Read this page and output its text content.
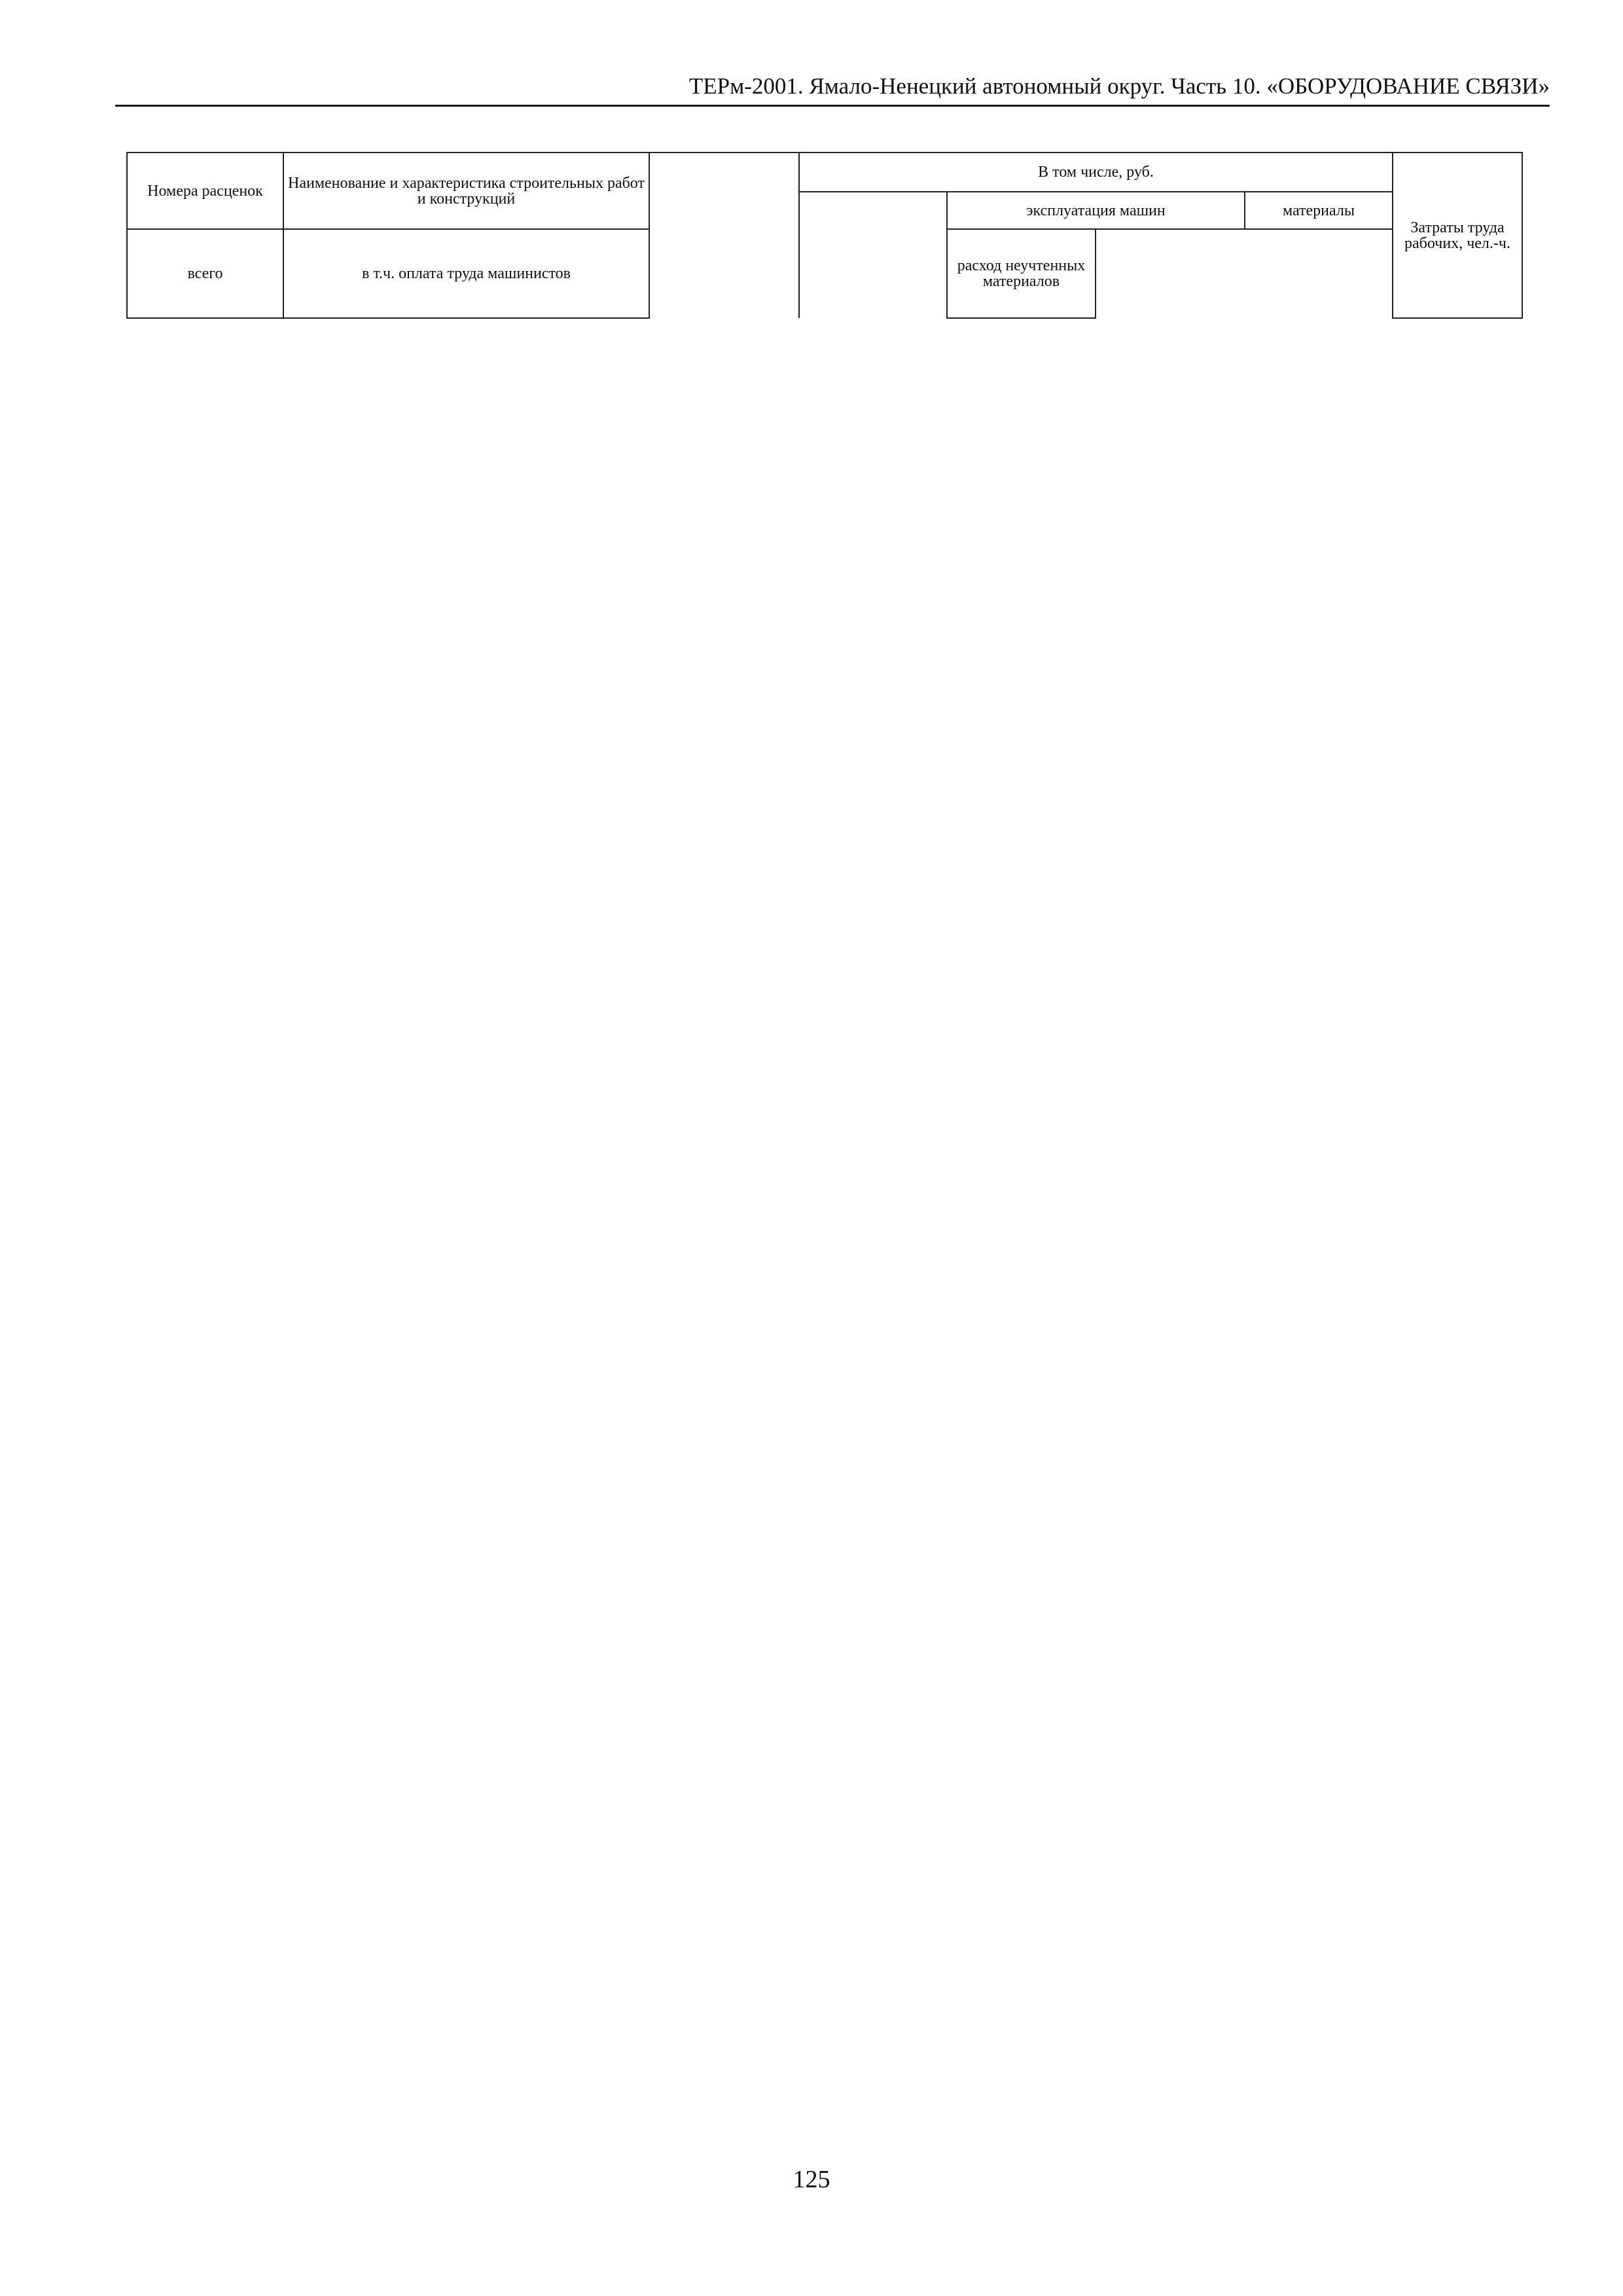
ТЕРм-2001. Ямало-Ненецкий автономный округ. Часть 10. «ОБОРУДОВАНИЕ СВЯЗИ»
Номера расценок	Наименование и характеристика строительных работ и конструкций		В том числе, руб.			Затраты труда рабочих, чел.-ч.
				эксплуатация машин	материалы	
всего	в т.ч. оплата труда машинистов			расход неучтенных материалов		
125
